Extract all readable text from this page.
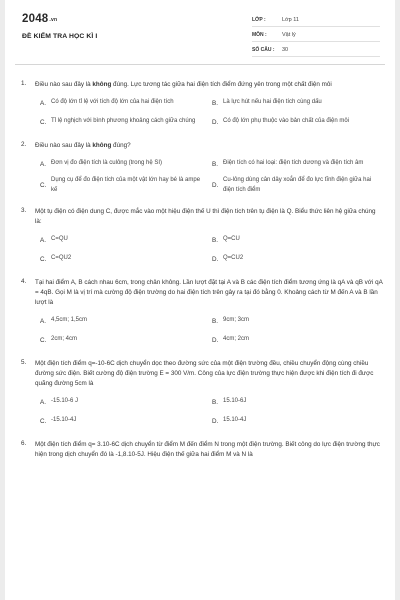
2048.vn
ĐỀ KIỂM TRA HỌC KÌ I
LỚP :	Lớp 11
MÔN :	Vật lý
SỐ CÂU :	30
1. Điều nào sau đây là không đúng. Lực tương tác giữa hai điện tích điểm đứng yên trong một chất điện môi
A. Có độ lớn tỉ lệ với tích độ lớn của hai điện tích	B. Là lực hút nếu hai điện tích cùng dấu
C. Tỉ lệ nghịch với bình phương khoảng cách giữa chúng	D. Có độ lớn phụ thuộc vào bản chất của điện môi
2. Điều nào sau đây là không đúng?
A. Đơn vị đo điện tích là culông (trong hệ SI)	B. Điện tích có hai loại: điện tích dương và điện tích âm
C.
Dụng cụ để đo điện tích của một vật lớn hay bé là ampe kế
D.
Cu-lông dùng cân dây xoắn để đo lực tĩnh điện giữa hai điện tích điểm
3. Một tụ điện có điện dung C, được mắc vào một hiệu điện thế U thì điện tích trên tụ điện là Q. Biểu thức liên hệ giữa chúng là:
A. C=QU	B. Q=CU
C. C=QU2	D. Q=CU2
4. Tại hai điểm A, B cách nhau 6cm, trong chân không. Lần lượt đặt tại A và B các điện tích điểm tương ứng là qA và qB với qA = 4qB. Gọi M là vị trí mà cường độ điện trường do hai điện tích trên gây ra tại đó bằng 0. Khoảng cách từ M đến A và B lần lượt là
A. 4,5cm; 1,5cm	B. 9cm; 3cm
C. 2cm; 4cm	D. 4cm; 2cm
5. Một điện tích điểm q=-10-6C dịch chuyển dọc theo đường sức của một điện trường đều, chiều chuyển động cùng chiều đường sức điện. Biết cường độ điện trường E = 300 V/m. Công của lực điện trường thực hiện được khi điện tích đi được quãng đường 5cm là
A. -15.10-6 J	B. 15.10-6J
C. -15.10-4J	D. 15.10-4J
6. Một điện tích điểm q= 3.10-6C dịch chuyển từ điểm M đến điểm N trong một điện trường. Biết công do lực điện trường thực hiện trong dịch chuyển đó là -1,8.10-5J. Hiệu điện thế giữa hai điểm M và N là
